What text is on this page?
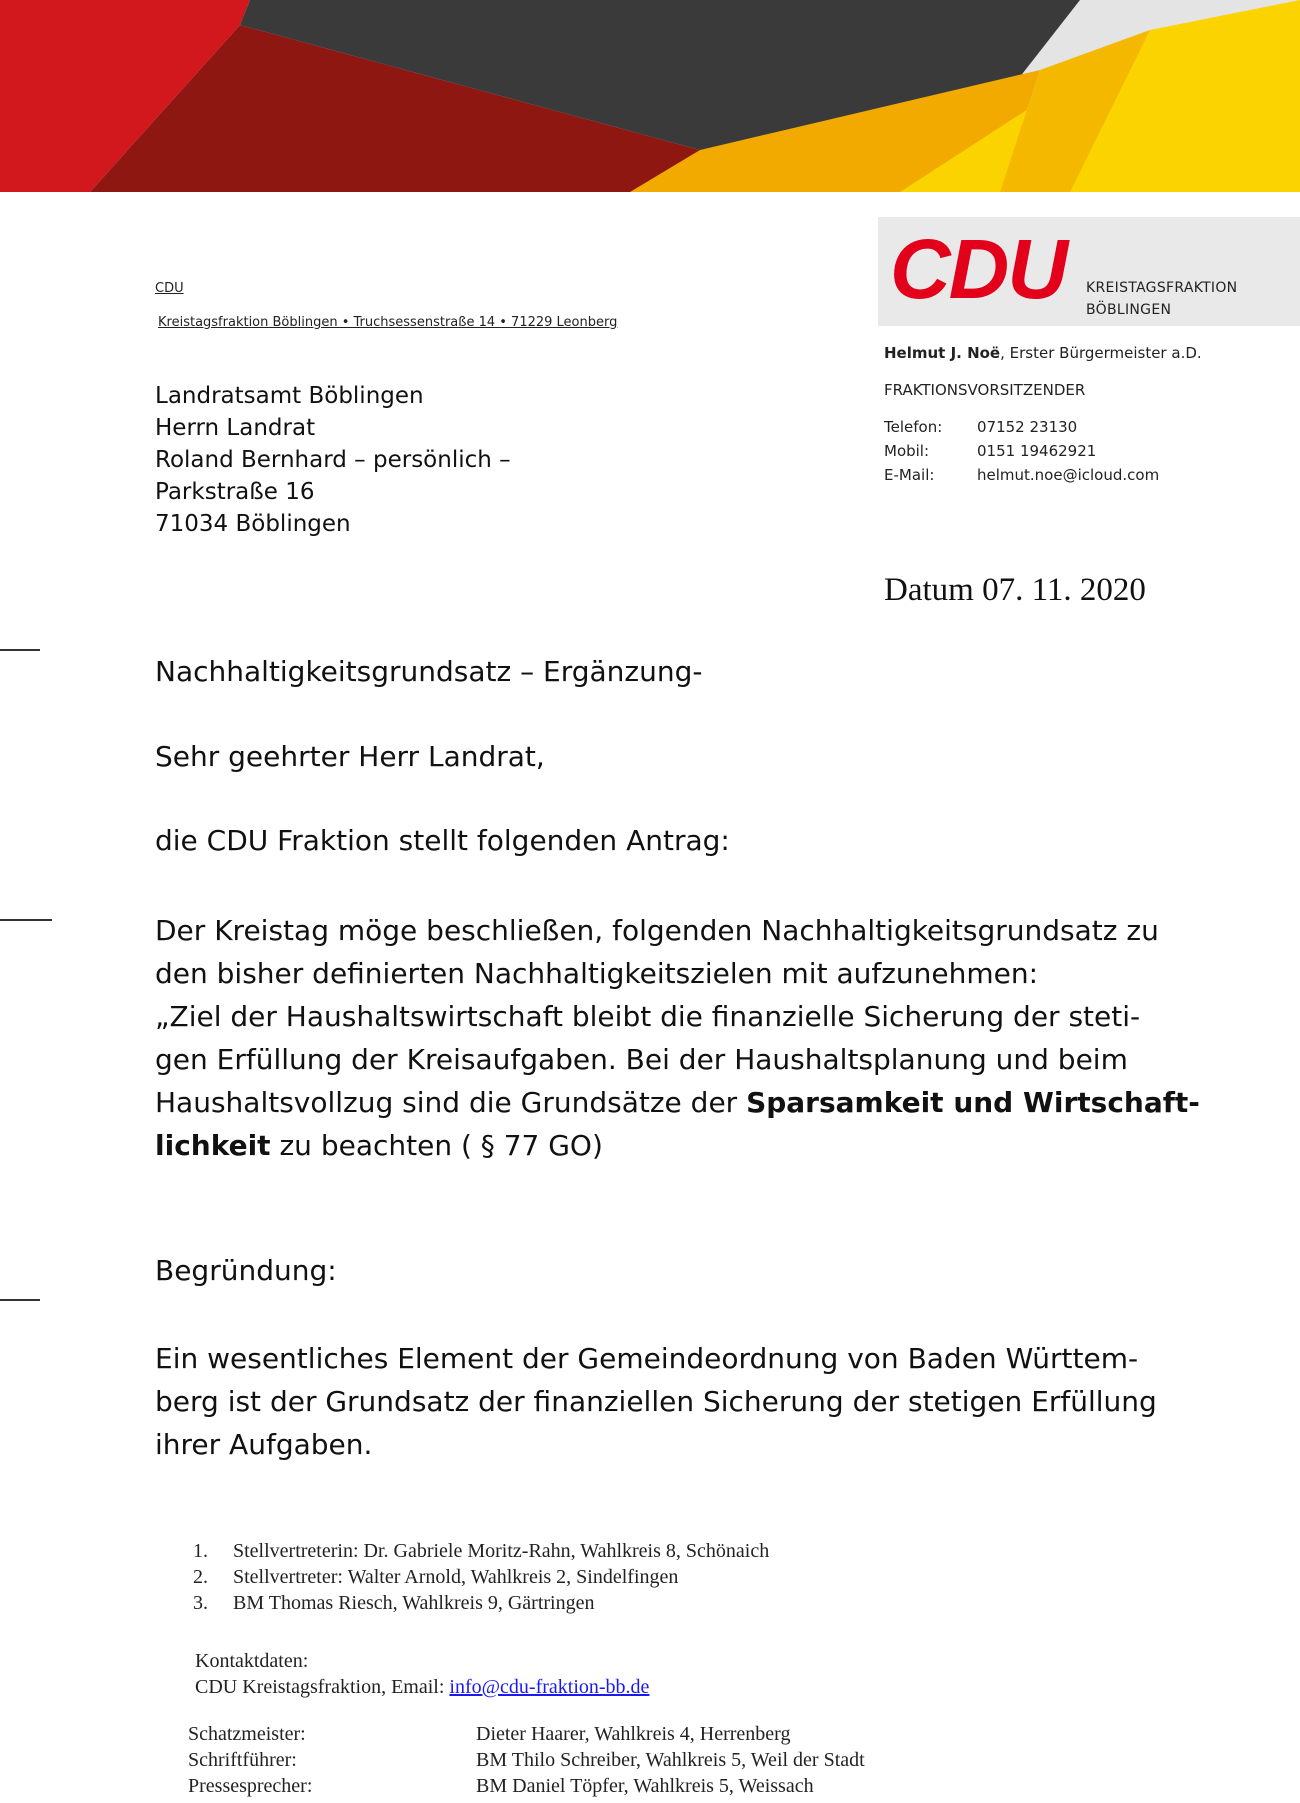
CDU
Kreistagsfraktion Böblingen • Truchsessenstraße 14 • 71229 Leonberg
CDU KREISTAGSFRAKTION
BÖBLINGEN
Helmut J. Noë, Erster Bürgermeister a.D.
FRAKTIONSVORSITZENDER
Telefon: 07152 23130
Mobil:	0151 19462921
E-Mail:	helmut.noe@icloud.com
Landratsamt Böblingen
Herrn Landrat
Roland Bernhard – persönlich –
Parkstraße 16
71034 Böblingen
Datum 07. 11. 2020
Nachhaltigkeitsgrundsatz – Ergänzung-
Sehr geehrter Herr Landrat,
die CDU Fraktion stellt folgenden Antrag:
Der Kreistag möge beschließen, folgenden Nachhaltigkeitsgrundsatz zu
den bisher definierten Nachhaltigkeitszielen mit aufzunehmen:
„Ziel der Haushaltswirtschaft bleibt die finanzielle Sicherung der steti-
gen Erfüllung der Kreisaufgaben. Bei der Haushaltsplanung und beim
Haushaltsvollzug sind die Grundsätze der Sparsamkeit und Wirtschaft-
lichkeit zu beachten ( § 77 GO)
Begründung:
Ein wesentliches Element der Gemeindeordnung von Baden Württem-
berg ist der Grundsatz der finanziellen Sicherung der stetigen Erfüllung
ihrer Aufgaben.
1. Stellvertreterin: Dr. Gabriele Moritz-Rahn, Wahlkreis 8, Schönaich
2. Stellvertreter: Walter Arnold, Wahlkreis 2, Sindelfingen
3. BM Thomas Riesch, Wahlkreis 9, Gärtringen
Kontaktdaten:
CDU Kreistagsfraktion, Email: info@cdu-fraktion-bb.de
Schatzmeister:	Dieter Haarer, Wahlkreis 4, Herrenberg
Schriftführer:	BM Thilo Schreiber, Wahlkreis 5, Weil der Stadt
Pressesprecher:	BM Daniel Töpfer, Wahlkreis 5, Weissach
